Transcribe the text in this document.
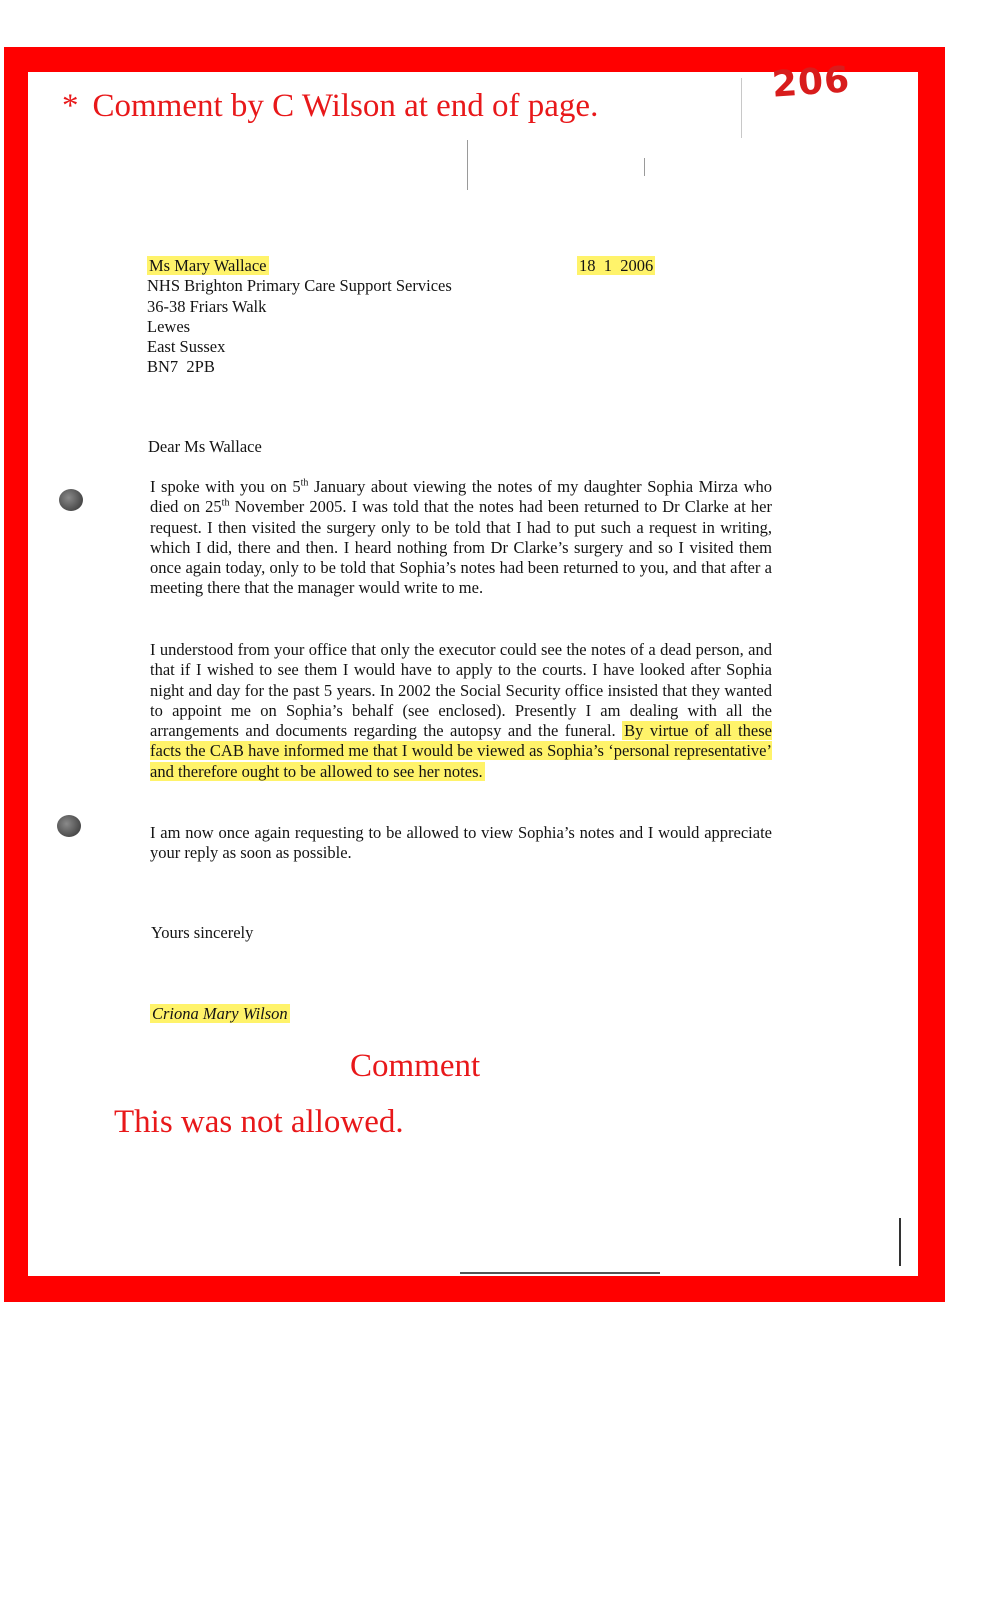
* Comment by C Wilson at end of page.
206
Ms Mary Wallace
NHS Brighton Primary Care Support Services
36-38 Friars Walk
Lewes
East Sussex
BN7  2PB
18  1  2006
Dear Ms Wallace
I spoke with you on 5th January about viewing the notes of my daughter Sophia Mirza who died on 25th November 2005. I was told that the notes had been returned to Dr Clarke at her request. I then visited the surgery only to be told that I had to put such a request in writing, which I did, there and then. I heard nothing from Dr Clarke’s surgery and so I visited them once again today, only to be told that Sophia’s notes had been returned to you, and that after a meeting there that the manager would write to me.
I understood from your office that only the executor could see the notes of a dead person, and that if I wished to see them I would have to apply to the courts. I have looked after Sophia night and day for the past 5 years. In 2002 the Social Security office insisted that they wanted to appoint me on Sophia’s behalf (see enclosed). Presently I am dealing with all the arrangements and documents regarding the autopsy and the funeral. By virtue of all these facts the CAB have informed me that I would be viewed as Sophia’s ‘personal representative’ and therefore ought to be allowed to see her notes.
I am now once again requesting to be allowed to view Sophia’s notes and I would appreciate your reply as soon as possible.
Yours sincerely
Criona Mary Wilson
Comment
This was not allowed.
